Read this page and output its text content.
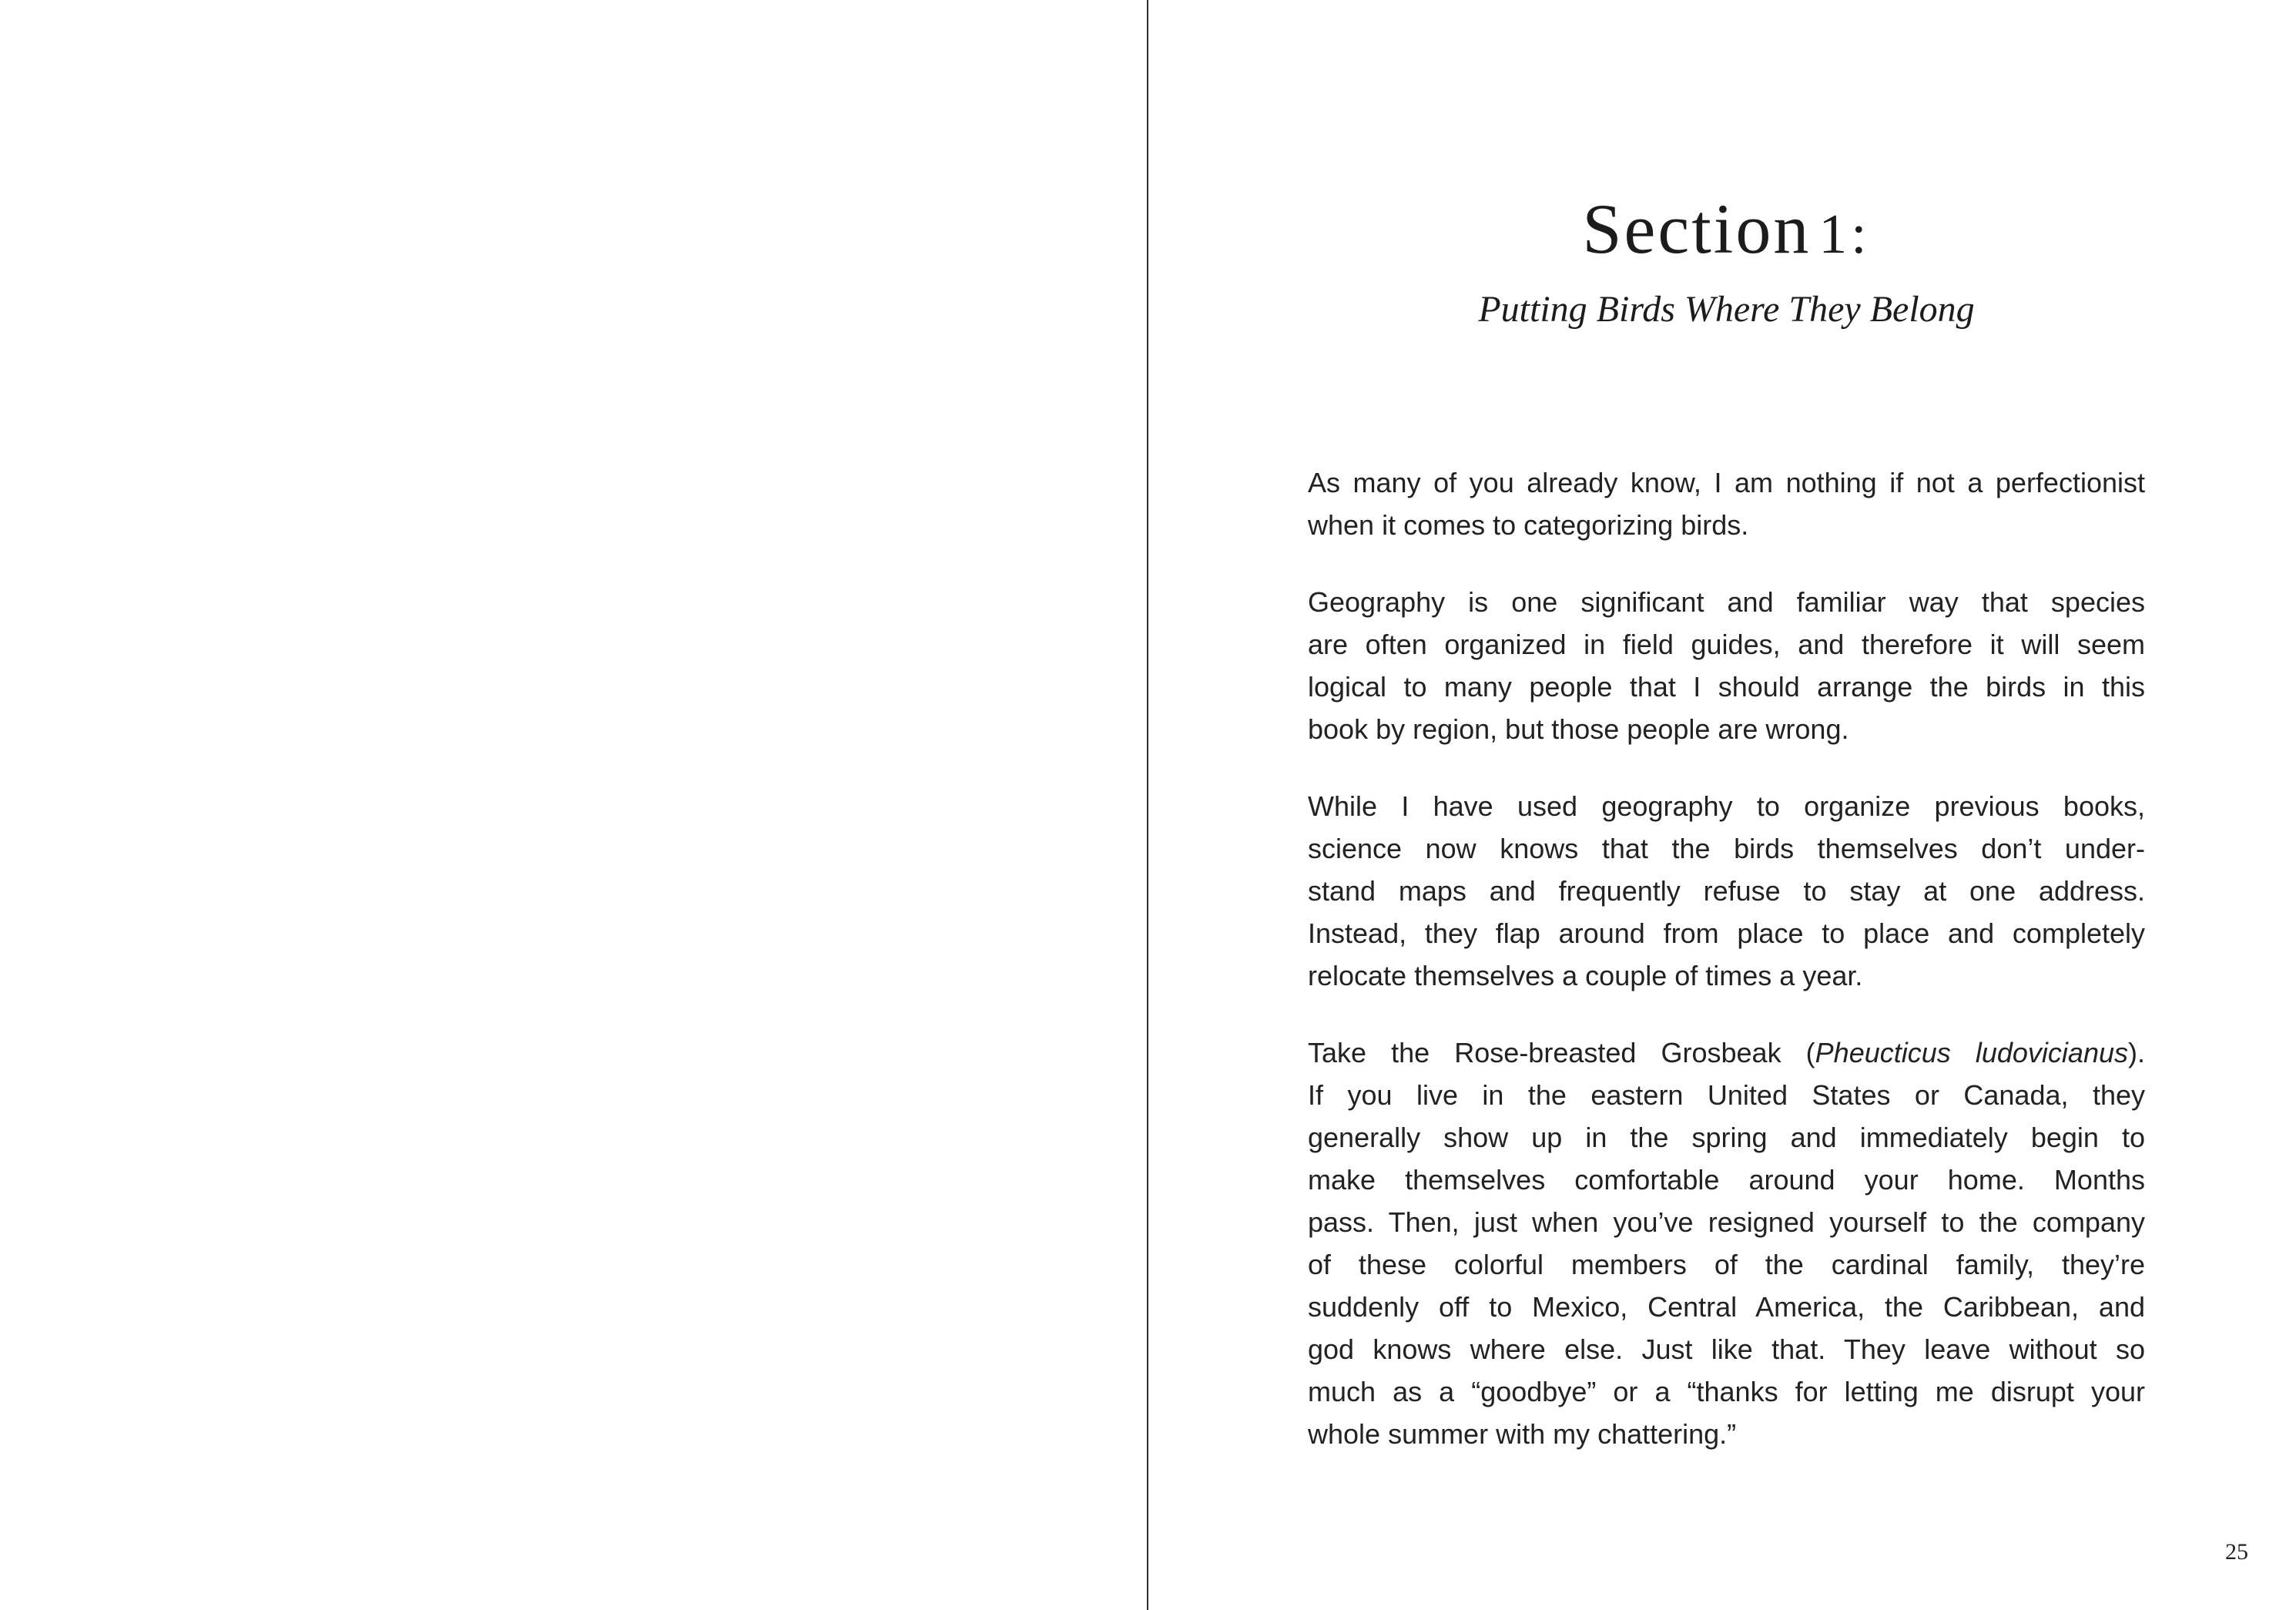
Section 1:
Putting Birds Where They Belong
As many of you already know, I am nothing if not a perfectionist
when it comes to categorizing birds.
Geography is one significant and familiar way that species
are often organized in field guides, and therefore it will seem
logical to many people that I should arrange the birds in this
book by region, but those people are wrong.
While I have used geography to organize previous books,
science now knows that the birds themselves don’t under-
stand maps and frequently refuse to stay at one address.
Instead, they flap around from place to place and completely
relocate themselves a couple of times a year.
Take the Rose-breasted Grosbeak (Pheucticus ludovicianus).
If you live in the eastern United States or Canada, they
generally show up in the spring and immediately begin to
make themselves comfortable around your home. Months
pass. Then, just when you’ve resigned yourself to the company
of these colorful members of the cardinal family, they’re
suddenly off to Mexico, Central America, the Caribbean, and
god knows where else. Just like that. They leave without so
much as a “goodbye” or a “thanks for letting me disrupt your
whole summer with my chattering.”
25
